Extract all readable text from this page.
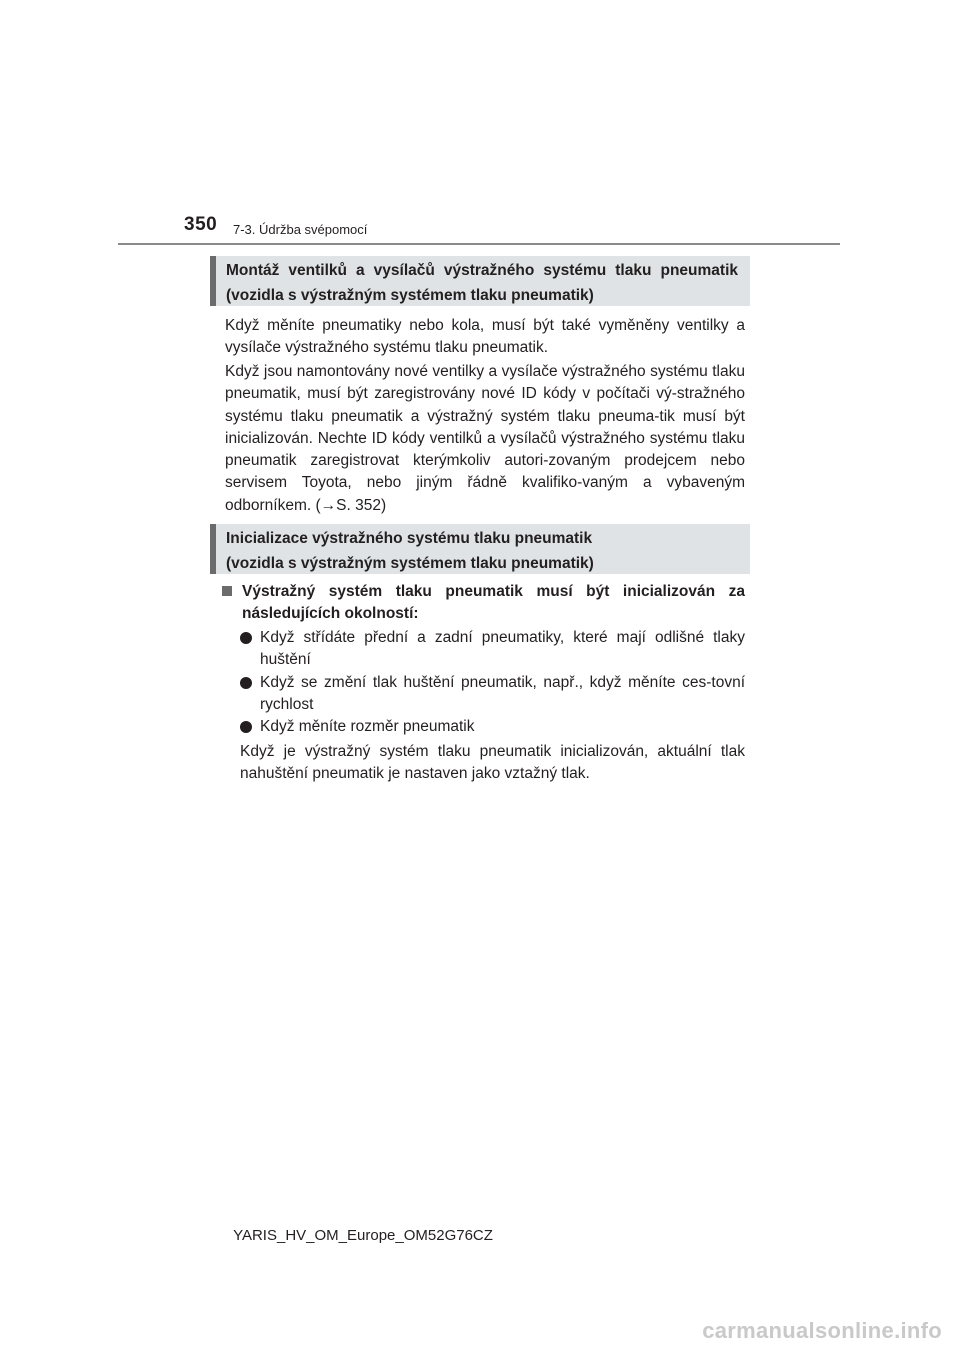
350 7-3. Údržba svépomocí
Montáž ventilků a vysílačů výstražného systému tlaku pneumatik
(vozidla s výstražným systémem tlaku pneumatik)

Když měníte pneumatiky nebo kola, musí být také vyměněny ventilky a vysílače výstražného systému tlaku pneumatik.

Když jsou namontovány nové ventilky a vysílače výstražného systému tlaku pneumatik, musí být zaregistrovány nové ID kódy v počítači vý-stražného systému tlaku pneumatik a výstražný systém tlaku pneuma-tik musí být inicializován. Nechte ID kódy ventilků a vysílačů výstražného systému tlaku pneumatik zaregistrovat kterýmkoliv autori-zovaným prodejcem nebo servisem Toyota, nebo jiným řádně kvalifiko-vaným a vybaveným odborníkem. (→S. 352)

Inicializace výstražného systému tlaku pneumatik
(vozidla s výstražným systémem tlaku pneumatik)
Výstražný systém tlaku pneumatik musí být inicializován za následujících okolností:
Když střídáte přední a zadní pneumatiky, které mají odlišné tlaky huštění
Když se změní tlak huštění pneumatik, např., když měníte ces-tovní rychlost
Když měníte rozměr pneumatik

Když je výstražný systém tlaku pneumatik inicializován, aktuální tlak nahuštění pneumatik je nastaven jako vztažný tlak.

YARIS_HV_OM_Europe_OM52G76CZ
carmanualsonline.info
